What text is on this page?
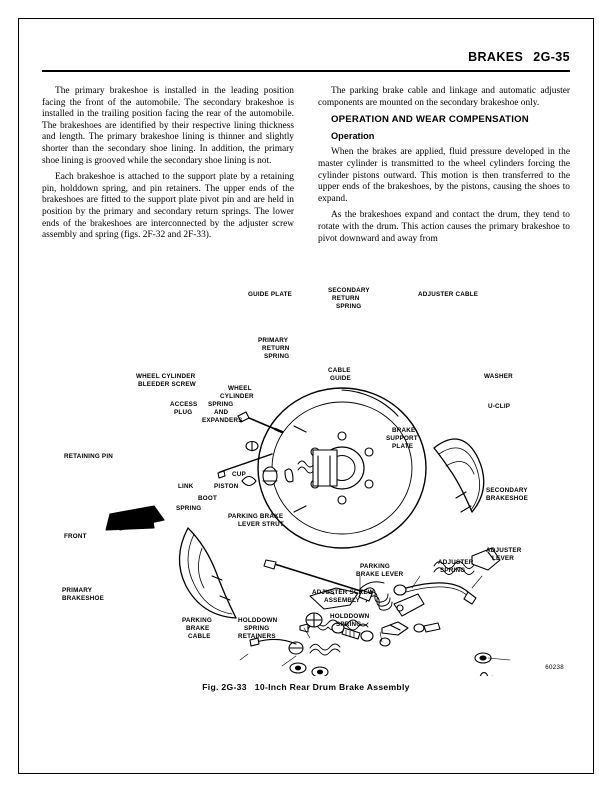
BRAKES 2G-35

The primary brakeshoe is installed in the leading position facing the front of the automobile. The secondary brakeshoe is installed in the trailing position facing the rear of the automobile. The brakeshoes are identified by their respective lining thickness and length. The primary brakeshoe lining is thinner and slightly shorter than the secondary shoe lining. In addition, the primary shoe lining is grooved while the secondary shoe lining is not.

Each brakeshoe is attached to the support plate by a retaining pin, holddown spring, and pin retainers. The upper ends of the brakeshoes are fitted to the support plate pivot pin and are held in position by the primary and secondary return springs. The lower ends of the brakeshoes are interconnected by the adjuster screw assembly and spring (figs. 2F-32 and 2F-33).

The parking brake cable and linkage and automatic adjuster components are mounted on the secondary brakeshoe only.

OPERATION AND WEAR COMPENSATION

Operation

When the brakes are applied, fluid pressure developed in the master cylinder is transmitted to the wheel cylinders forcing the cylinder pistons outward. This motion is then transferred to the upper ends of the brakeshoes, by the pistons, causing the shoes to expand.

As the brakeshoes expand and contact the drum, they tend to rotate with the drum. This action causes the primary brakeshoe to pivot downward and away from

GUIDE PLATE
SECONDARY
RETURN
SPRING
ADJUSTER CABLE
PRIMARY
RETURN
SPRING
CABLE
GUIDE
WHEEL CYLINDER
BLEEDER SCREW
WHEEL
CYLINDER
WASHER
U-CLIP
ACCESS
PLUG
SPRING
AND
EXPANDERS
BRAKE
SUPPORT
PLATE
RETAINING PIN
SECONDARY
BRAKESHOE
CUP
PISTON
LINK
BOOT
SPRING
FRONT
PARKING BRAKE
LEVER STRUT
ADJUSTER
LEVER
ADJUSTER
SPRING
PARKING
BRAKE LEVER
PRIMARY
BRAKESHOE
ADJUSTER SCREW
ASSEMBLY
HOLDDOWN
SPRING
PARKING
BRAKE
CABLE
HOLDDOWN
SPRING
RETAINERS
60238
Fig. 2G-33 10-Inch Rear Drum Brake Assembly
